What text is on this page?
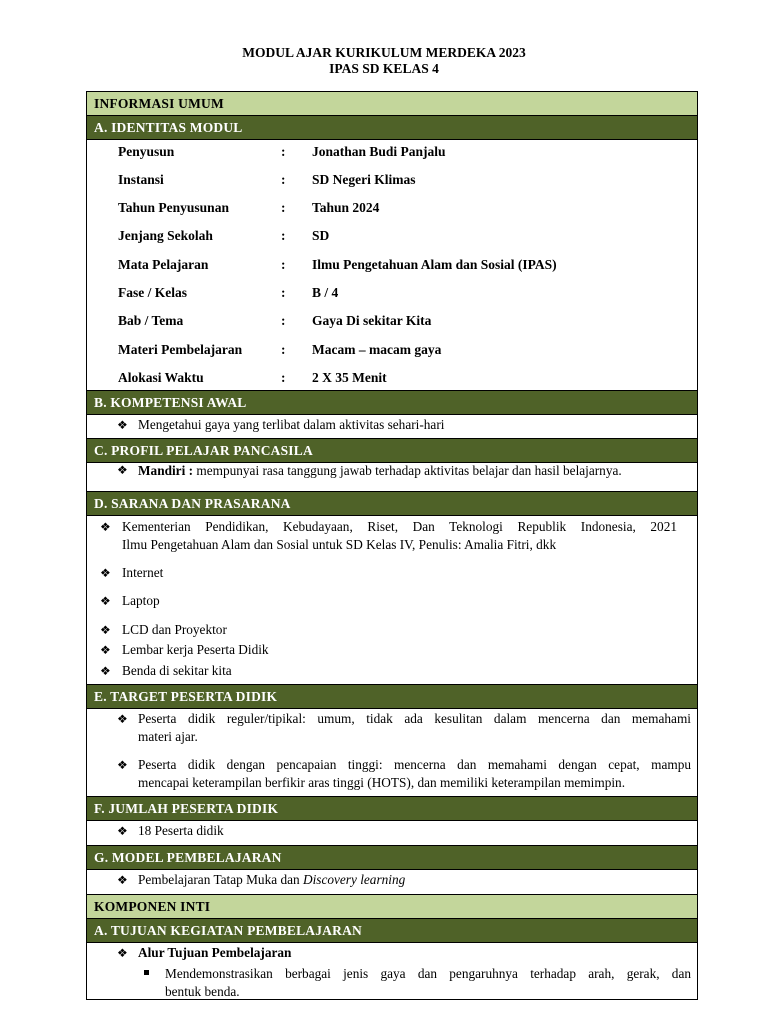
MODUL AJAR KURIKULUM MERDEKA 2023
IPAS SD KELAS 4
INFORMASI UMUM
A. IDENTITAS MODUL
Penyusun	: Jonathan Budi Panjalu
Instansi	: SD Negeri Klimas
Tahun Penyusunan	: Tahun 2024
Jenjang Sekolah	: SD
Mata Pelajaran	: Ilmu Pengetahuan Alam dan Sosial (IPAS)
Fase / Kelas	: B / 4
Bab / Tema	: Gaya Di sekitar Kita
Materi Pembelajaran	: Macam – macam gaya
Alokasi Waktu	: 2 X 35 Menit
B. KOMPETENSI AWAL
❖ Mengetahui gaya yang terlibat dalam aktivitas sehari-hari
C. PROFIL PELAJAR PANCASILA
❖ Mandiri : mempunyai rasa tanggung jawab terhadap aktivitas belajar dan hasil belajarnya.
D. SARANA DAN PRASARANA
❖ Kementerian Pendidikan, Kebudayaan, Riset, Dan Teknologi Republik Indonesia, 2021
Ilmu Pengetahuan Alam dan Sosial untuk SD Kelas IV, Penulis: Amalia Fitri, dkk
❖ Internet
❖ Laptop
❖ LCD dan Proyektor
❖ Lembar kerja Peserta Didik
❖ Benda di sekitar kita
E. TARGET PESERTA DIDIK
❖ Peserta didik reguler/tipikal: umum, tidak ada kesulitan dalam mencerna dan memahami
materi ajar.
❖ Peserta didik dengan pencapaian tinggi: mencerna dan memahami dengan cepat, mampu
mencapai keterampilan berfikir aras tinggi (HOTS), dan memiliki keterampilan memimpin.
F. JUMLAH PESERTA DIDIK
❖ 18 Peserta didik
G. MODEL PEMBELAJARAN
❖ Pembelajaran Tatap Muka dan Discovery learning
KOMPONEN INTI
A. TUJUAN KEGIATAN PEMBELAJARAN
❖ Alur Tujuan Pembelajaran
Mendemonstrasikan berbagai jenis gaya dan pengaruhnya terhadap arah, gerak, dan
bentuk benda.
